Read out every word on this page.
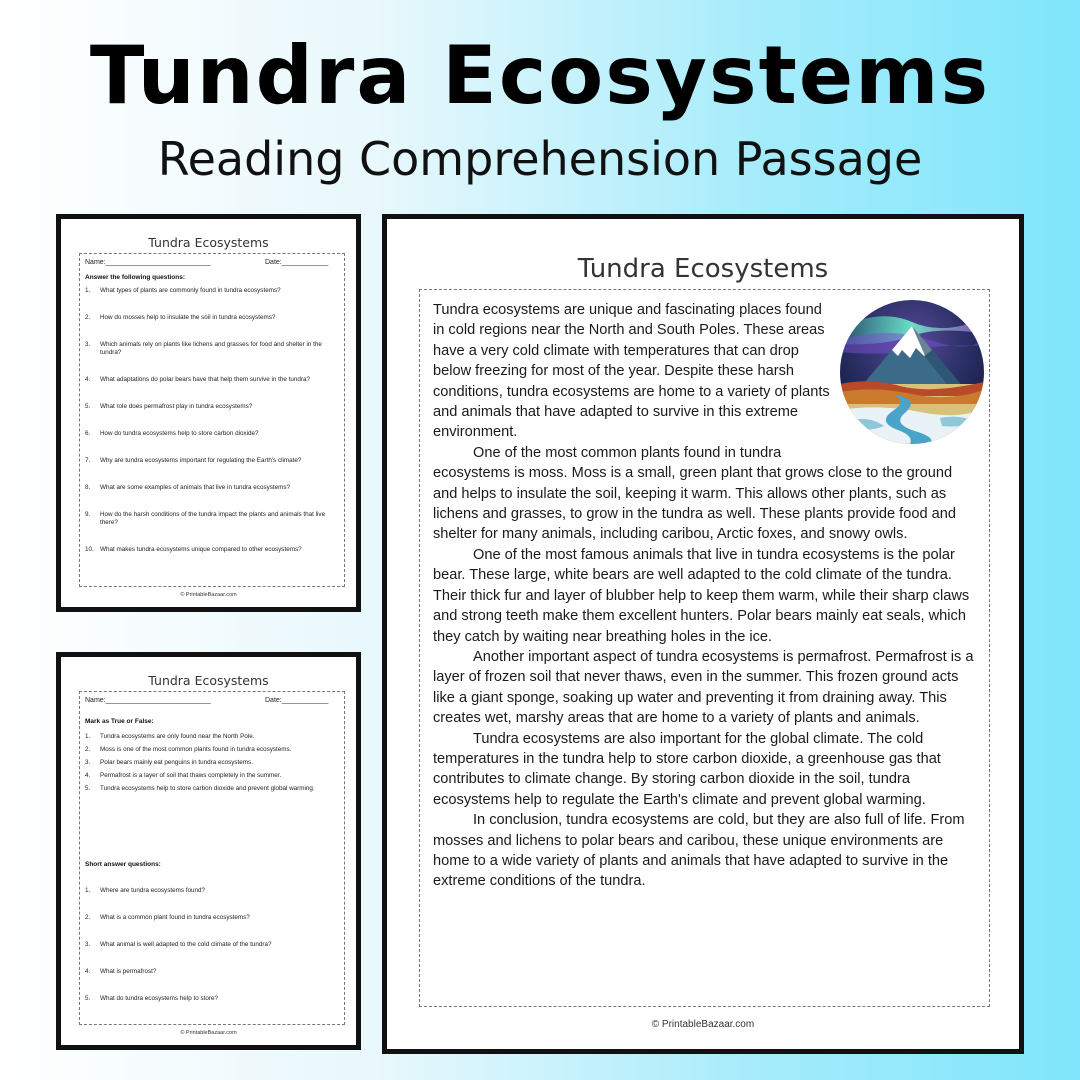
Tundra Ecosystems
Reading Comprehension Passage
Tundra Ecosystems
Name:___________________________	Date:____________
Answer the following questions:
1. What types of plants are commonly found in tundra ecosystems?
2. How do mosses help to insulate the soil in tundra ecosystems?
3. Which animals rely on plants like lichens and grasses for food and shelter in the tundra?
4. What adaptations do polar bears have that help them survive in the tundra?
5. What role does permafrost play in tundra ecosystems?
6. How do tundra ecosystems help to store carbon dioxide?
7. Why are tundra ecosystems important for regulating the Earth's climate?
8. What are some examples of animals that live in tundra ecosystems?
9. How do the harsh conditions of the tundra impact the plants and animals that live there?
10. What makes tundra ecosystems unique compared to other ecosystems?
© PrintableBazaar.com
Tundra Ecosystems
Name:___________________________	Date:____________
Mark as True or False:
1. Tundra ecosystems are only found near the North Pole.
2. Moss is one of the most common plants found in tundra ecosystems.
3. Polar bears mainly eat penguins in tundra ecosystems.
4. Permafrost is a layer of soil that thaws completely in the summer.
5. Tundra ecosystems help to store carbon dioxide and prevent global warming.
Short answer questions:
1. Where are tundra ecosystems found?
2. What is a common plant found in tundra ecosystems?
3. What animal is well adapted to the cold climate of the tundra?
4. What is permafrost?
5. What do tundra ecosystems help to store?
© PrintableBazaar.com
Tundra Ecosystems

Tundra ecosystems are unique and fascinating places found in cold regions near the North and South Poles. These areas have a very cold climate with temperatures that can drop below freezing for most of the year. Despite these harsh conditions, tundra ecosystems are home to a variety of plants and animals that have adapted to survive in this extreme environment.

One of the most common plants found in tundra ecosystems is moss. Moss is a small, green plant that grows close to the ground and helps to insulate the soil, keeping it warm. This allows other plants, such as lichens and grasses, to grow in the tundra as well. These plants provide food and shelter for many animals, including caribou, Arctic foxes, and snowy owls.

One of the most famous animals that live in tundra ecosystems is the polar bear. These large, white bears are well adapted to the cold climate of the tundra. Their thick fur and layer of blubber help to keep them warm, while their sharp claws and strong teeth make them excellent hunters. Polar bears mainly eat seals, which they catch by waiting near breathing holes in the ice.

Another important aspect of tundra ecosystems is permafrost. Permafrost is a layer of frozen soil that never thaws, even in the summer. This frozen ground acts like a giant sponge, soaking up water and preventing it from draining away. This creates wet, marshy areas that are home to a variety of plants and animals.

Tundra ecosystems are also important for the global climate. The cold temperatures in the tundra help to store carbon dioxide, a greenhouse gas that contributes to climate change. By storing carbon dioxide in the soil, tundra ecosystems help to regulate the Earth's climate and prevent global warming.

In conclusion, tundra ecosystems are cold, but they are also full of life. From mosses and lichens to polar bears and caribou, these unique environments are home to a wide variety of plants and animals that have adapted to survive in the extreme conditions of the tundra.

© PrintableBazaar.com
